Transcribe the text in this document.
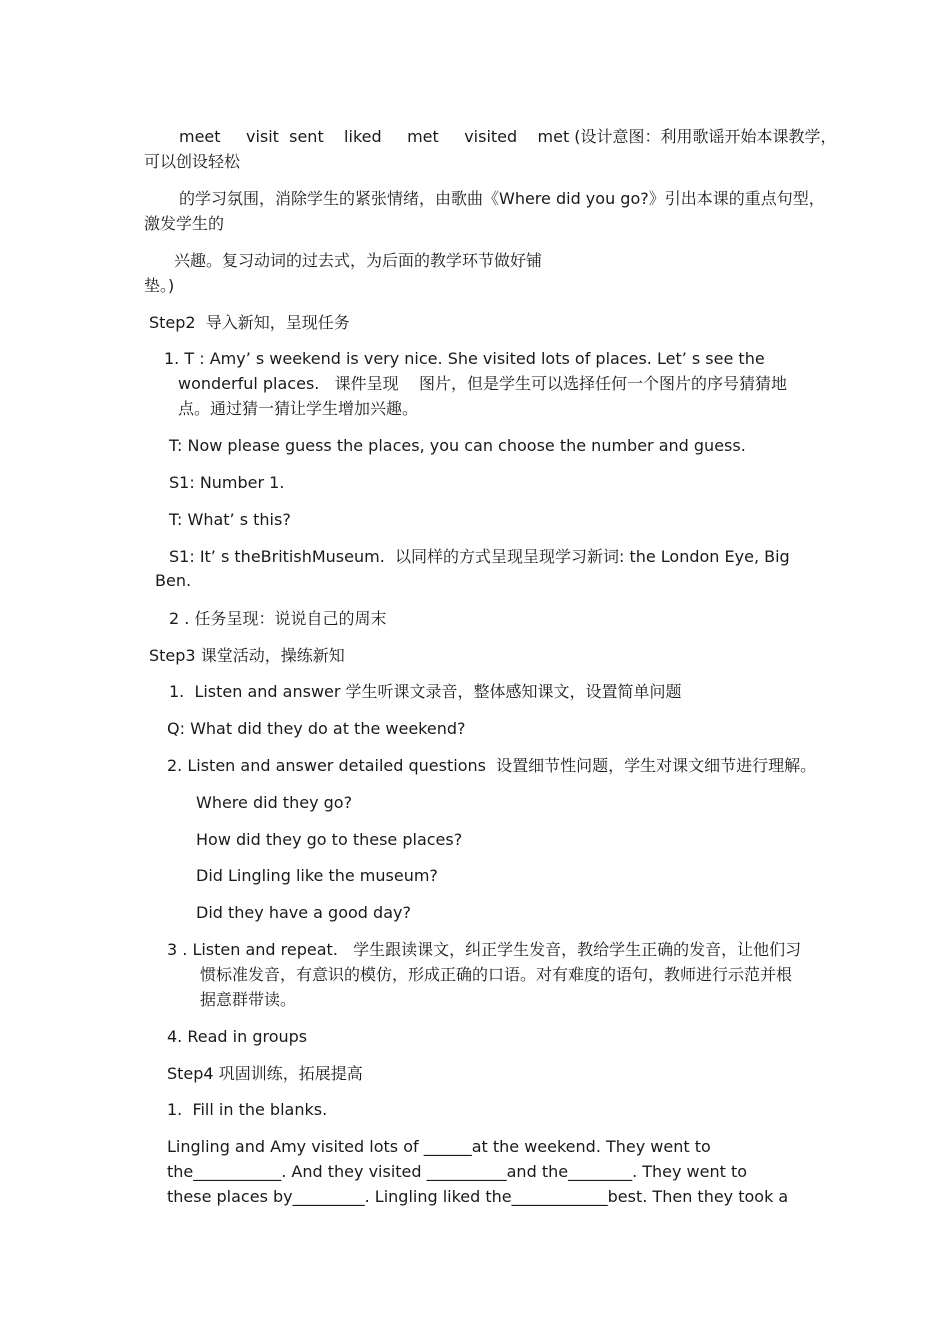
meet     visit  sent    liked     met     visited    met (设计意图：利用歌谣开始本课教学，
可以创设轻松
的学习氛围，消除学生的紧张情绪，由歌曲《Where did you go?》引出本课的重点句型，
激发学生的
兴趣。复习动词的过去式，为后面的教学环节做好铺
垫。)
Step2  导入新知，呈现任务
1. T : Amy’ s weekend is very nice. She visited lots of places. Let’ s see the
wonderful places.   课件呈现    图片，但是学生可以选择任何一个图片的序号猜猜地
点。通过猜一猜让学生增加兴趣。
T: Now please guess the places, you can choose the number and guess.
S1: Number 1.
T: What’ s this?
S1: It’ s theBritishMuseum.  以同样的方式呈现呈现学习新词: the London Eye, Big
Ben.
2 . 任务呈现：说说自己的周末
Step3 课堂活动，操练新知
1.  Listen and answer 学生听课文录音，整体感知课文，设置简单问题
Q: What did they do at the weekend?
2. Listen and answer detailed questions  设置细节性问题，学生对课文细节进行理解。
Where did they go?
How did they go to these places?
Did Lingling like the museum?
Did they have a good day?
3 . Listen and repeat.   学生跟读课文，纠正学生发音，教给学生正确的发音，让他们习
惯标准发音，有意识的模仿，形成正确的口语。对有难度的语句，教师进行示范并根
据意群带读。
4. Read in groups
Step4 巩固训练，拓展提高
1.  Fill in the blanks.
Lingling and Amy visited lots of ______at the weekend. They went to
the___________. And they visited __________and the________. They went to
these places by_________. Lingling liked the____________best. Then they took a
